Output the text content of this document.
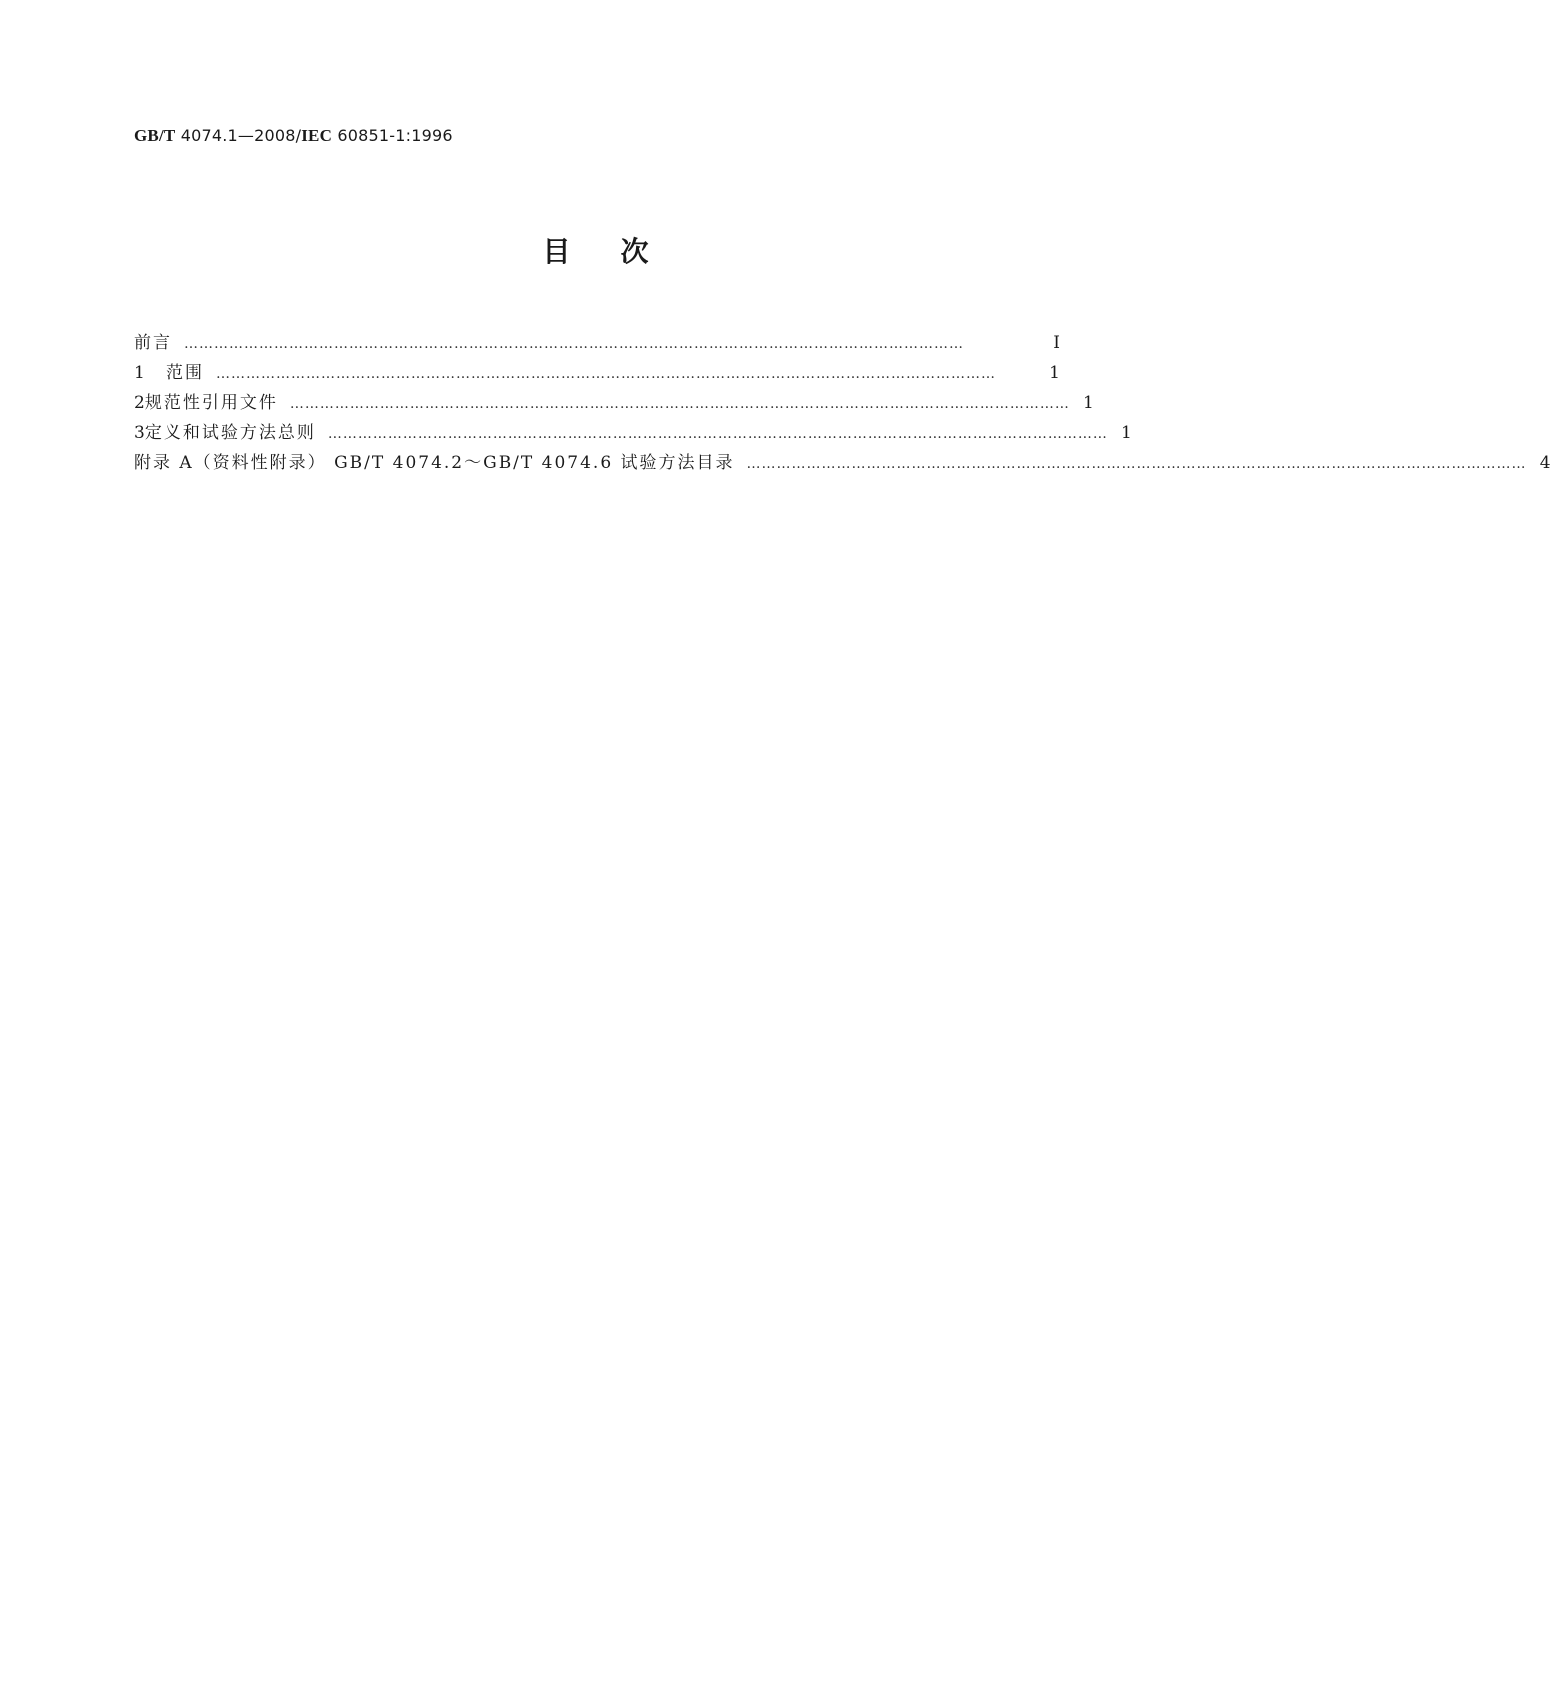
GB/T 4074.1—2008/IEC 60851-1:1996
目次
前言 …………………………………………………………………………………………………………………………………………	I
1	范围 …………………………………………………………………………………………………………………………………………	1
2 规范性引用文件 ………………………………………………………………………………………………………………………………………… 1
3 定义和试验方法总则 ………………………………………………………………………………………………………………………………………… 1
附录 A（资料性附录） GB/T 4074.2～GB/T 4074.6 试验方法目录 ………………………………………………………………………………………………………………………………………… 4
